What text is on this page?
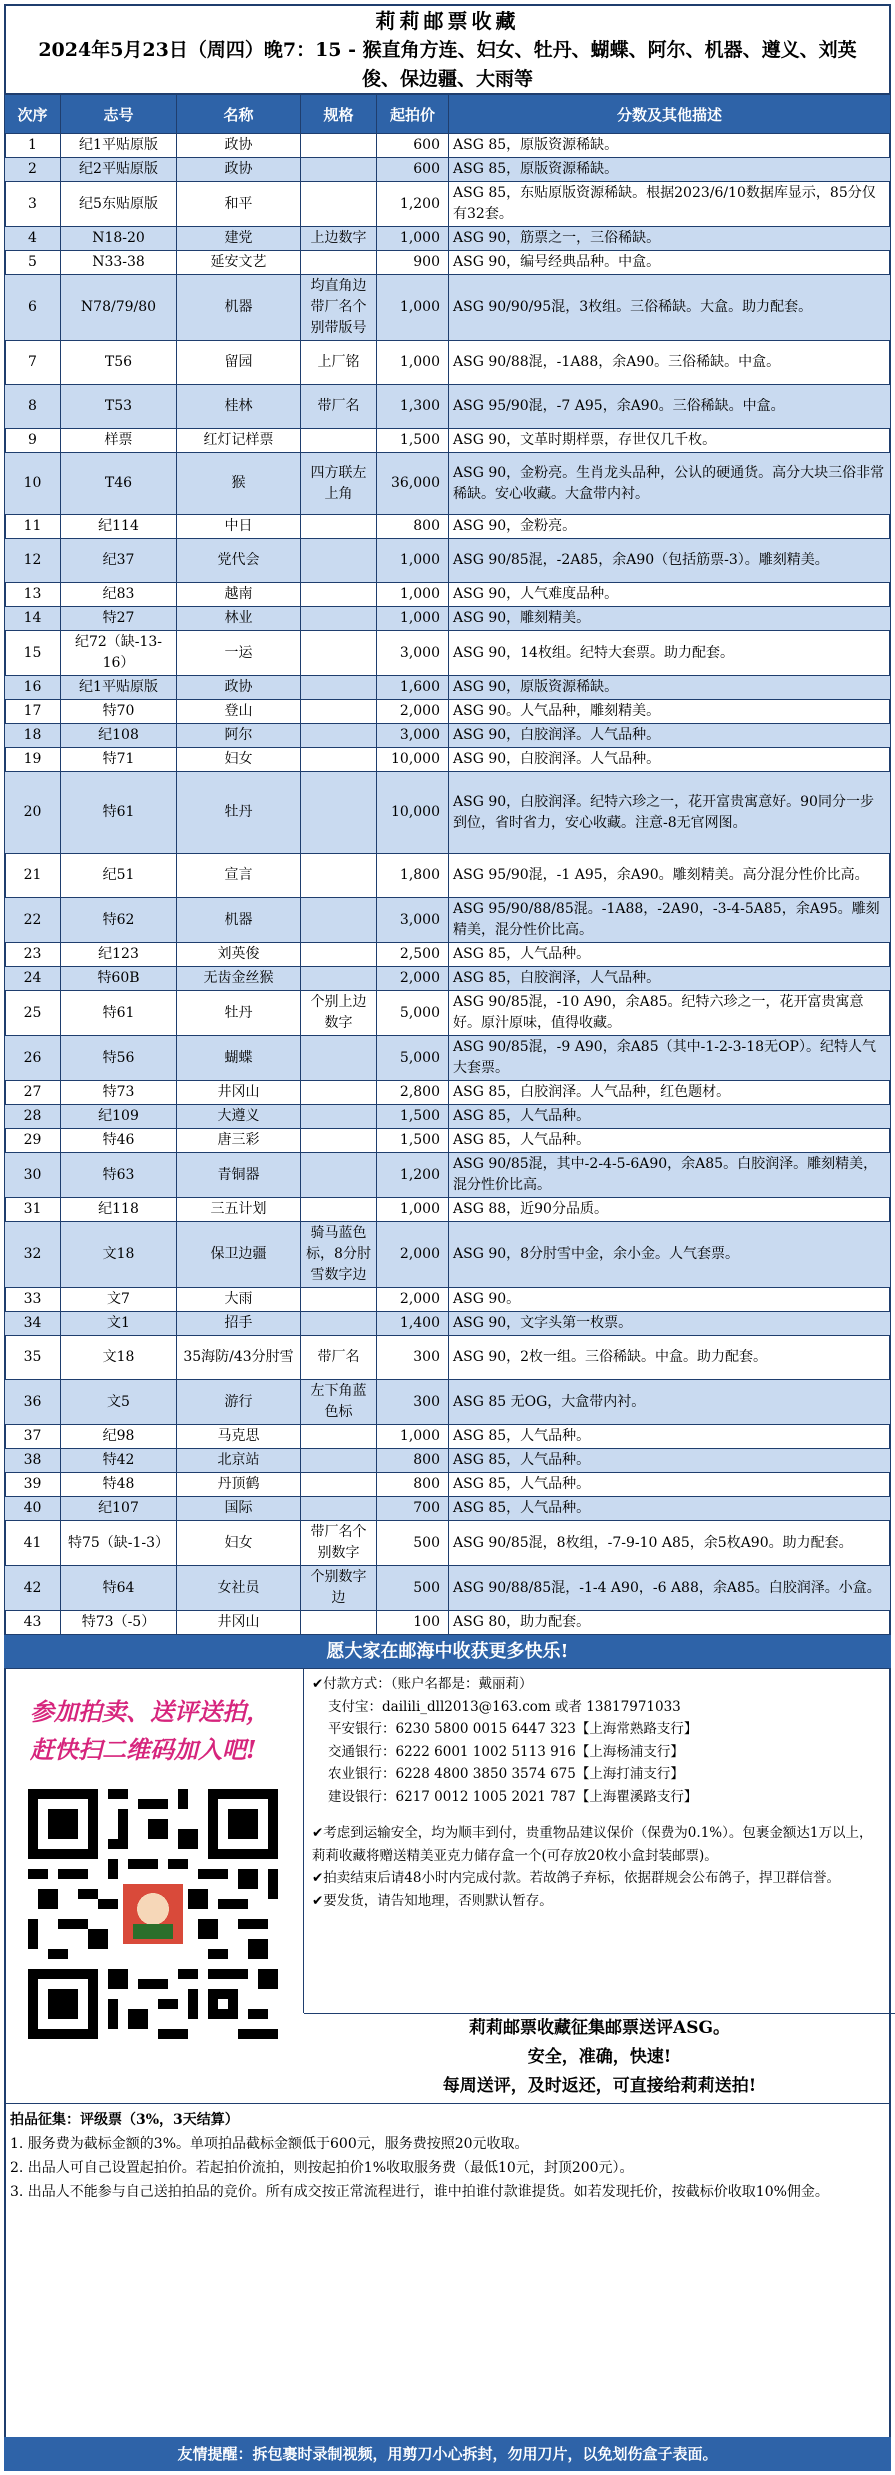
莉莉邮票收藏
2024年5月23日（周四）晚7：15 - 猴直角方连、妇女、牡丹、蝴蝶、阿尔、机器、遵义、刘英俊、保边疆、大雨等
次序	志号	名称	规格	起拍价	分数及其他描述
1	纪1平贴原版	政协		600	ASG 85，原版资源稀缺。
2	纪2平贴原版	政协		600	ASG 85，原版资源稀缺。
3	纪5东贴原版	和平		1,200	ASG 85，东贴原版资源稀缺。根据2023/6/10数据库显示，85分仅有32套。
4	N18-20	建党	上边数字	1,000	ASG 90，筋票之一，三俗稀缺。
5	N33-38	延安文艺		900	ASG 90，编号经典品种。中盒。
6	N78/79/80	机器	均直角边带厂名个别带版号	1,000	ASG 90/90/95混，3枚组。三俗稀缺。大盒。助力配套。
7	T56	留园	上厂铭	1,000	ASG 90/88混，-1A88，余A90。三俗稀缺。中盒。
8	T53	桂林	带厂名	1,300	ASG 95/90混，-7 A95，余A90。三俗稀缺。中盒。
9	样票	红灯记样票		1,500	ASG 90，文革时期样票，存世仅几千枚。
10	T46	猴	四方联左上角	36,000	ASG 90，金粉亮。生肖龙头品种，公认的硬通货。高分大块三俗非常稀缺。安心收藏。大盒带内衬。
11	纪114	中日		800	ASG 90，金粉亮。
12	纪37	党代会		1,000	ASG 90/85混，-2A85，余A90（包括筋票-3）。雕刻精美。
13	纪83	越南		1,000	ASG 90，人气难度品种。
14	特27	林业		1,000	ASG 90，雕刻精美。
15	纪72（缺-13-16）	一运		3,000	ASG 90，14枚组。纪特大套票。助力配套。
16	纪1平贴原版	政协		1,600	ASG 90，原版资源稀缺。
17	特70	登山		2,000	ASG 90。人气品种，雕刻精美。
18	纪108	阿尔		3,000	ASG 90，白胶润泽。人气品种。
19	特71	妇女		10,000	ASG 90，白胶润泽。人气品种。
20	特61	牡丹		10,000	ASG 90，白胶润泽。纪特六珍之一，花开富贵寓意好。90同分一步到位，省时省力，安心收藏。注意-8无官网图。
21	纪51	宣言		1,800	ASG 95/90混，-1 A95，余A90。雕刻精美。高分混分性价比高。
22	特62	机器		3,000	ASG 95/90/88/85混。-1A88，-2A90，-3-4-5A85，余A95。雕刻精美，混分性价比高。
23	纪123	刘英俊		2,500	ASG 85，人气品种。
24	特60B	无齿金丝猴		2,000	ASG 85，白胶润泽，人气品种。
25	特61	牡丹	个别上边数字	5,000	ASG 90/85混，-10 A90，余A85。纪特六珍之一，花开富贵寓意好。原汁原味，值得收藏。
26	特56	蝴蝶		5,000	ASG 90/85混，-9 A90，余A85（其中-1-2-3-18无OP）。纪特人气大套票。
27	特73	井冈山		2,800	ASG 85，白胶润泽。人气品种，红色题材。
28	纪109	大遵义		1,500	ASG 85，人气品种。
29	特46	唐三彩		1,500	ASG 85，人气品种。
30	特63	青铜器		1,200	ASG 90/85混，其中-2-4-5-6A90，余A85。白胶润泽。雕刻精美，混分性价比高。
31	纪118	三五计划		1,000	ASG 88，近90分品质。
32	文18	保卫边疆	骑马蓝色标，8分肘雪数字边	2,000	ASG 90，8分肘雪中金，余小金。人气套票。
33	文7	大雨		2,000	ASG 90。
34	文1	招手		1,400	ASG 90，文字头第一枚票。
35	文18	35海防/43分肘雪	带厂名	300	ASG 90，2枚一组。三俗稀缺。中盒。助力配套。
36	文5	游行	左下角蓝色标	300	ASG 85 无OG，大盒带内衬。
37	纪98	马克思		1,000	ASG 85，人气品种。
38	特42	北京站		800	ASG 85，人气品种。
39	特48	丹顶鹤		800	ASG 85，人气品种。
40	纪107	国际		700	ASG 85，人气品种。
41	特75（缺-1-3）	妇女	带厂名个别数字	500	ASG 90/85混，8枚组，-7-9-10 A85，余5枚A90。助力配套。
42	特64	女社员	个别数字边	500	ASG 90/88/85混，-1-4 A90，-6 A88，余A85。白胶润泽。小盒。
43	特73（-5）	井冈山		100	ASG 80，助力配套。
愿大家在邮海中收获更多快乐!
参加拍卖、送评送拍，
赶快扫二维码加入吧!
✔付款方式：（账户名都是：戴丽莉）
支付宝：dailili_dll2013@163.com 或者 13817971033
平安银行：6230 5800 0015 6447 323【上海常熟路支行】
交通银行：6222 6001 1002 5113 916【上海杨浦支行】
农业银行：6228 4800 3850 3574 675【上海打浦支行】
建设银行：6217 0012 1005 2021 787【上海瞿溪路支行】
✔考虑到运输安全，均为顺丰到付，贵重物品建议保价（保费为0.1%）。包裹金额达1万以上，莉莉收藏将赠送精美亚克力储存盒一个(可存放20枚小盒封装邮票)。
✔拍卖结束后请48小时内完成付款。若故鸽子弃标，依据群规会公布鸽子，捍卫群信誉。
✔要发货，请告知地理，否则默认暂存。
莉莉邮票收藏征集邮票送评ASG。
安全，准确，快速!
每周送评，及时返还，可直接给莉莉送拍!
拍品征集：评级票（3%，3天结算）
1. 服务费为截标金额的3%。单项拍品截标金额低于600元，服务费按照20元收取。
2. 出品人可自己设置起拍价。若起拍价流拍，则按起拍价1%收取服务费（最低10元，封顶200元）。
3. 出品人不能参与自己送拍拍品的竞价。所有成交按正常流程进行，谁中拍谁付款谁提货。如若发现托价，按截标价收取10%佣金。
友情提醒：拆包裹时录制视频，用剪刀小心拆封，勿用刀片，以免划伤盒子表面。
